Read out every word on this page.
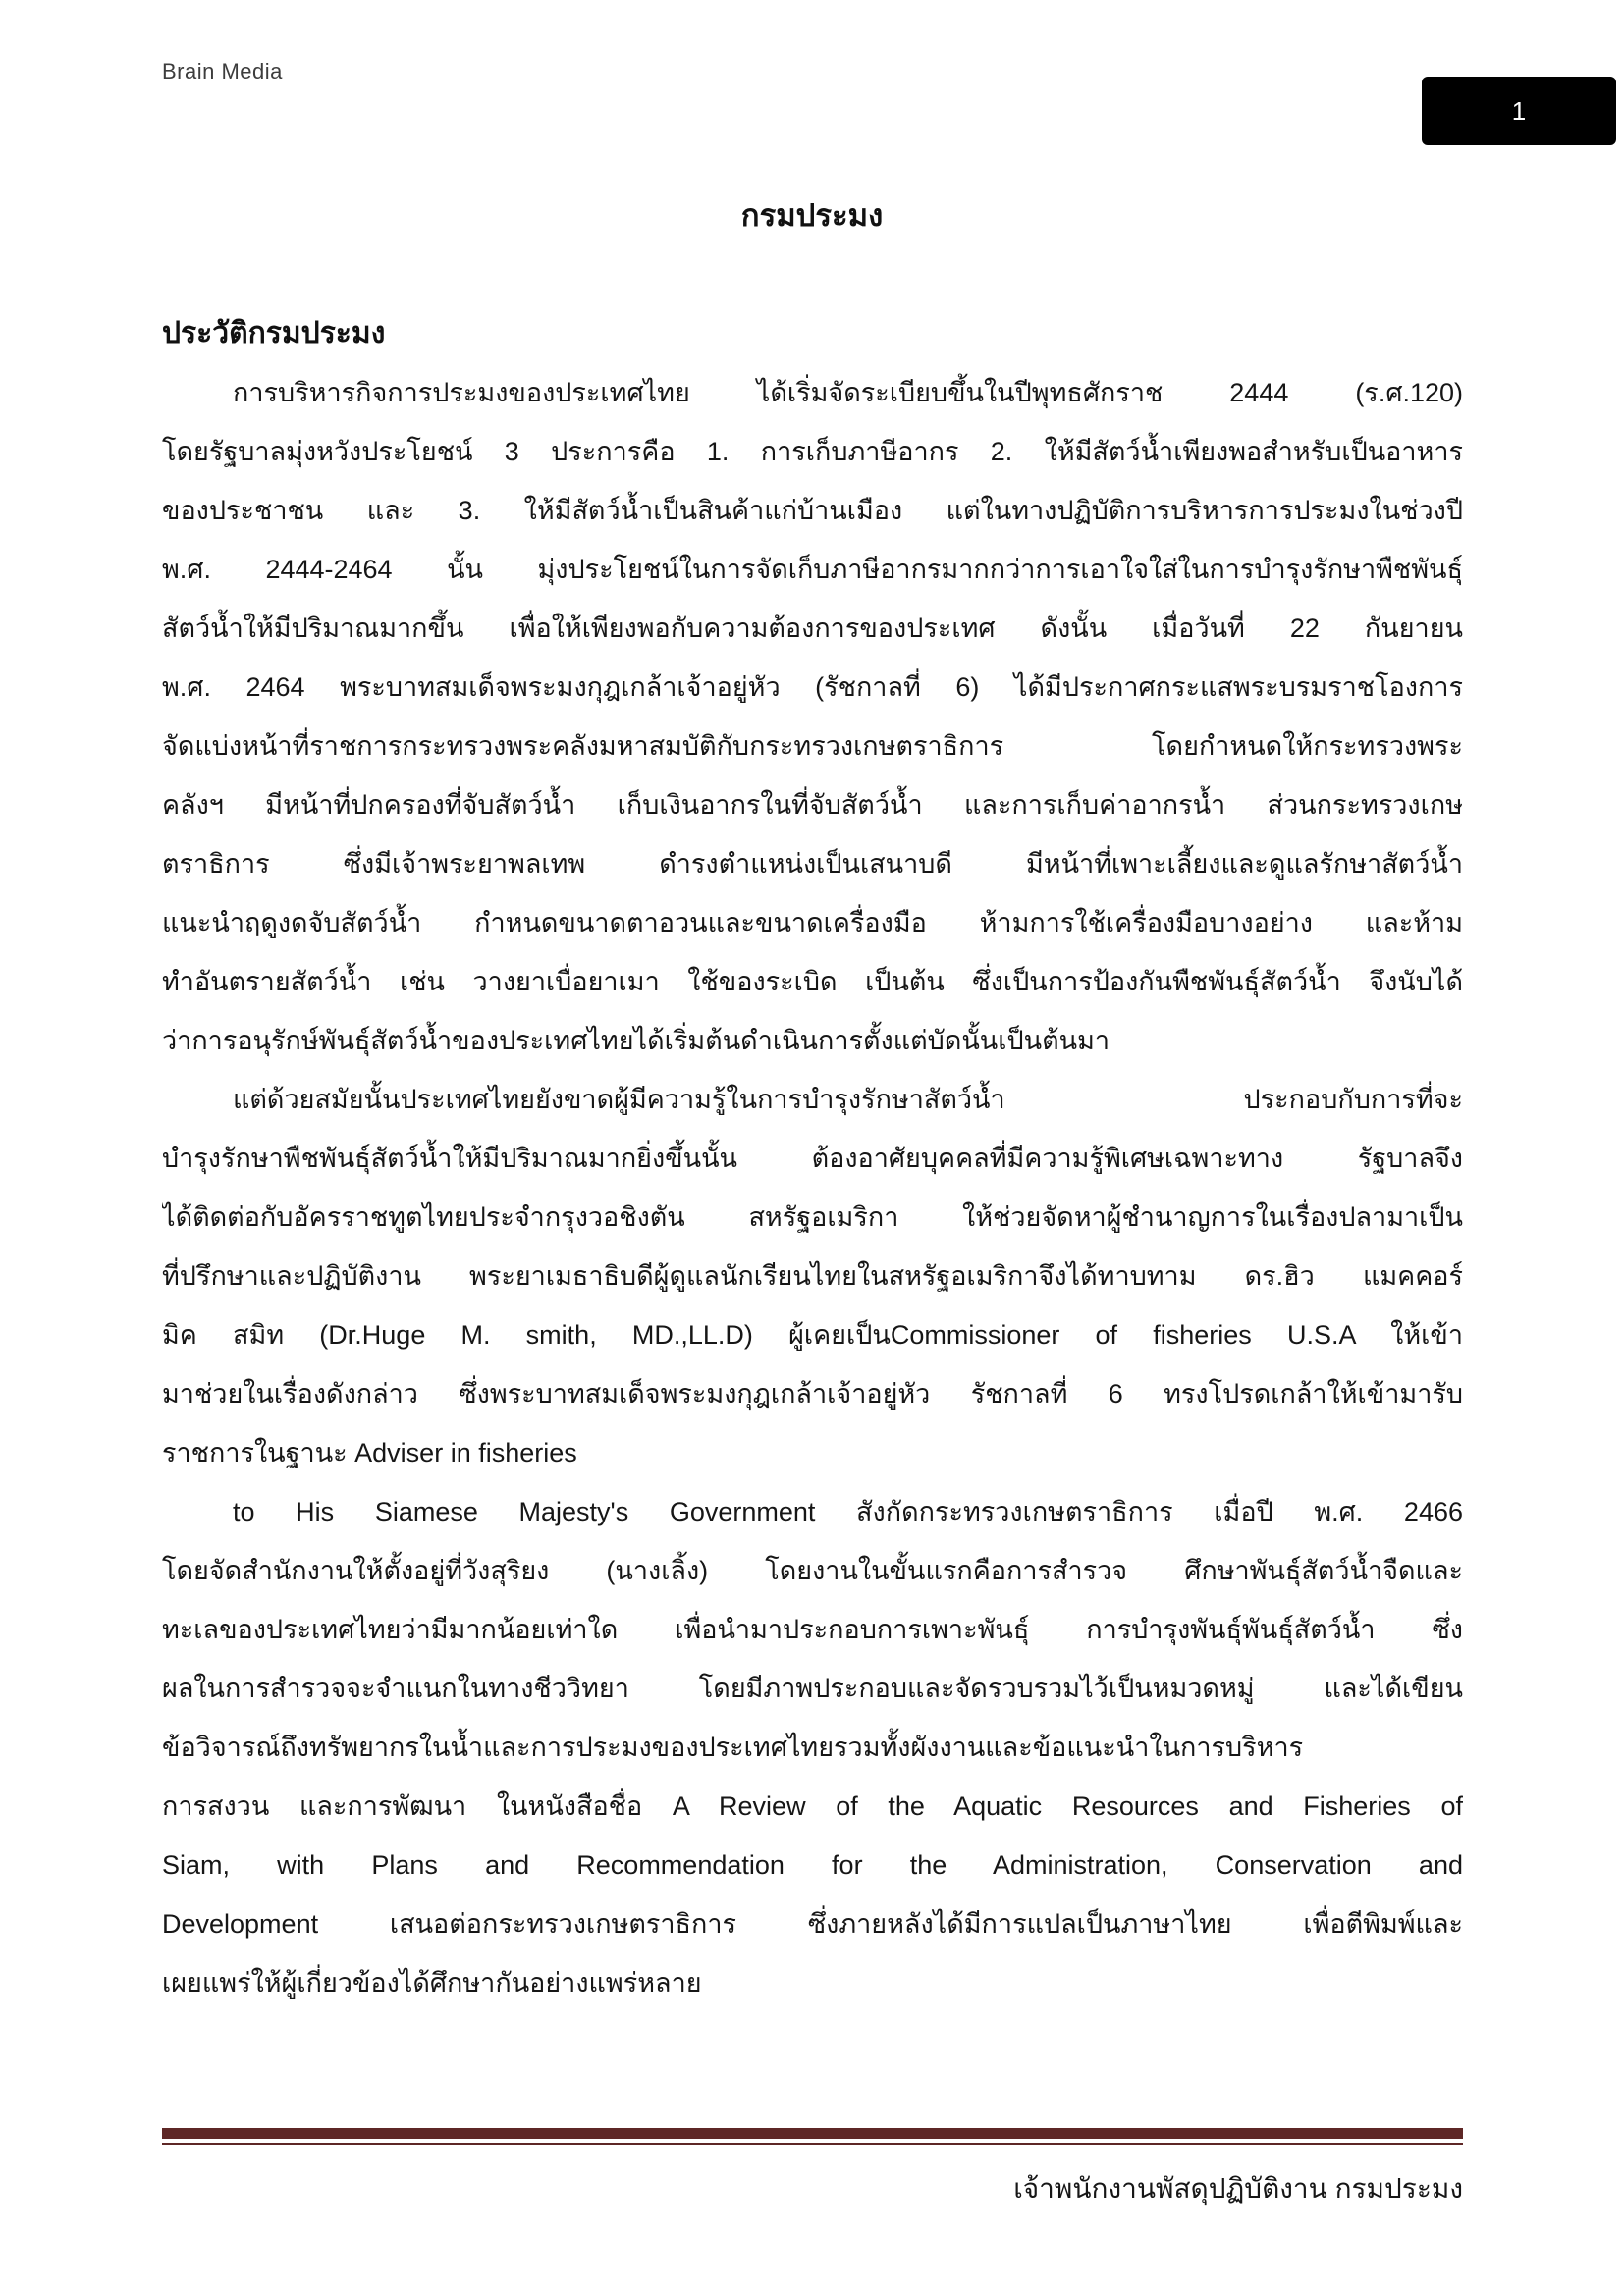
Brain Media
1
กรมประมง
ประวัติกรมประมง
การบริหารกิจการประมงของประเทศไทย ได้เริ่มจัดระเบียบขึ้นในปีพุทธศักราช 2444 (ร.ศ.120)
โดยรัฐบาลมุ่งหวังประโยชน์ 3 ประการคือ 1. การเก็บภาษีอากร 2. ให้มีสัตว์น้ำเพียงพอสำหรับเป็นอาหาร
ของประชาชน และ 3. ให้มีสัตว์น้ำเป็นสินค้าแก่บ้านเมือง แต่ในทางปฏิบัติการบริหารการประมงในช่วงปี
พ.ศ. 2444-2464 นั้น มุ่งประโยชน์ในการจัดเก็บภาษีอากรมากกว่าการเอาใจใส่ในการบำรุงรักษาพืชพันธุ์
สัตว์น้ำให้มีปริมาณมากขึ้น เพื่อให้เพียงพอกับความต้องการของประเทศ ดังนั้น เมื่อวันที่ 22 กันยายน
พ.ศ. 2464 พระบาทสมเด็จพระมงกุฎเกล้าเจ้าอยู่หัว (รัชกาลที่ 6) ได้มีประกาศกระแสพระบรมราชโองการ
จัดแบ่งหน้าที่ราชการกระทรวงพระคลังมหาสมบัติกับกระทรวงเกษตราธิการ โดยกำหนดให้กระทรวงพระ
คลังฯ มีหน้าที่ปกครองที่จับสัตว์น้ำ เก็บเงินอากรในที่จับสัตว์น้ำ และการเก็บค่าอากรน้ำ ส่วนกระทรวงเกษ
ตราธิการ ซึ่งมีเจ้าพระยาพลเทพ ดำรงตำแหน่งเป็นเสนาบดี มีหน้าที่เพาะเลี้ยงและดูแลรักษาสัตว์น้ำ
แนะนำฤดูงดจับสัตว์น้ำ กำหนดขนาดตาอวนและขนาดเครื่องมือ ห้ามการใช้เครื่องมือบางอย่าง และห้าม
ทำอันตรายสัตว์น้ำ เช่น วางยาเบื่อยาเมา ใช้ของระเบิด เป็นต้น ซึ่งเป็นการป้องกันพืชพันธุ์สัตว์น้ำ จึงนับได้
ว่าการอนุรักษ์พันธุ์สัตว์น้ำของประเทศไทยได้เริ่มต้นดำเนินการตั้งแต่บัดนั้นเป็นต้นมา
แต่ด้วยสมัยนั้นประเทศไทยยังขาดผู้มีความรู้ในการบำรุงรักษาสัตว์น้ำ ประกอบกับการที่จะ
บำรุงรักษาพืชพันธุ์สัตว์น้ำให้มีปริมาณมากยิ่งขึ้นนั้น ต้องอาศัยบุคคลที่มีความรู้พิเศษเฉพาะทาง รัฐบาลจึง
ได้ติดต่อกับอัครราชทูตไทยประจำกรุงวอชิงตัน สหรัฐอเมริกา ให้ช่วยจัดหาผู้ชำนาญการในเรื่องปลามาเป็น
ที่ปรึกษาและปฏิบัติงาน พระยาเมธาธิบดีผู้ดูแลนักเรียนไทยในสหรัฐอเมริกาจึงได้ทาบทาม ดร.ฮิว แมคคอร์
มิค สมิท (Dr.Huge M. smith, MD.,LL.D) ผู้เคยเป็นCommissioner of fisheries U.S.A ให้เข้า
มาช่วยในเรื่องดังกล่าว ซึ่งพระบาทสมเด็จพระมงกุฎเกล้าเจ้าอยู่หัว รัชกาลที่ 6 ทรงโปรดเกล้าให้เข้ามารับ
ราชการในฐานะ Adviser in fisheries
to His Siamese Majesty's Government สังกัดกระทรวงเกษตราธิการ เมื่อปี พ.ศ. 2466
โดยจัดสำนักงานให้ตั้งอยู่ที่วังสุริยง (นางเลิ้ง) โดยงานในขั้นแรกคือการสำรวจ ศึกษาพันธุ์สัตว์น้ำจืดและ
ทะเลของประเทศไทยว่ามีมากน้อยเท่าใด เพื่อนำมาประกอบการเพาะพันธุ์ การบำรุงพันธุ์พันธุ์สัตว์น้ำ ซึ่ง
ผลในการสำรวจจะจำแนกในทางชีววิทยา โดยมีภาพประกอบและจัดรวบรวมไว้เป็นหมวดหมู่ และได้เขียน
ข้อวิจารณ์ถึงทรัพยากรในน้ำและการประมงของประเทศไทยรวมทั้งผังงานและข้อแนะนำในการบริหาร
การสงวน และการพัฒนา ในหนังสือชื่อ A Review of the Aquatic Resources and Fisheries of
Siam, with Plans and Recommendation for the Administration, Conservation and
Development เสนอต่อกระทรวงเกษตราธิการ ซึ่งภายหลังได้มีการแปลเป็นภาษาไทย เพื่อตีพิมพ์และ
เผยแพร่ให้ผู้เกี่ยวข้องได้ศึกษากันอย่างแพร่หลาย
เจ้าพนักงานพัสดุปฏิบัติงาน กรมประมง
